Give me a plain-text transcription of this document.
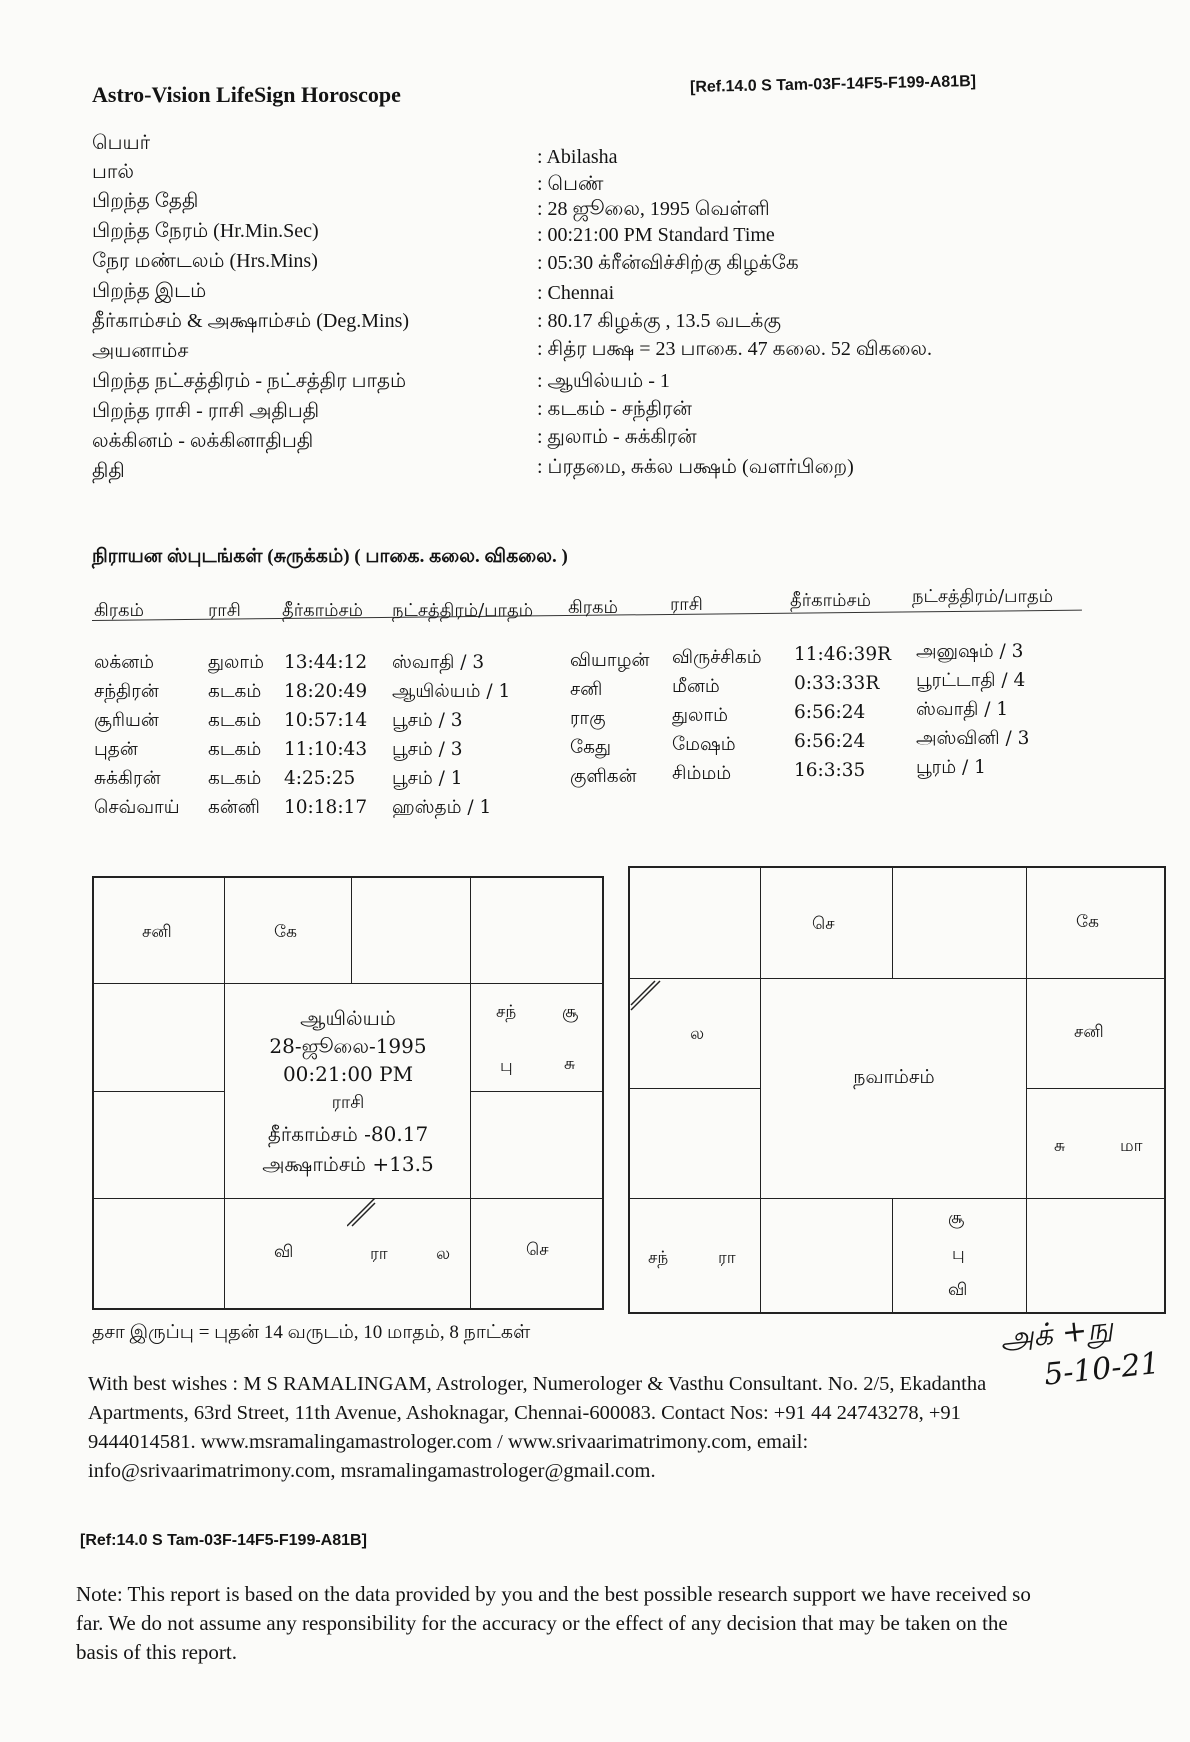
Astro-Vision LifeSign Horoscope	[Ref.14.0 S Tam-03F-14F5-F199-A81B]
பெயர்
: Abilasha
பால்
: பெண்
பிறந்த தேதி	: 28 ஜூலை, 1995 வெள்ளி
பிறந்த நேரம் (Hr.Min.Sec)	: 00:21:00 PM Standard Time
நேர மண்டலம் (Hrs.Mins)	: 05:30 க்ரீன்விச்சிற்கு கிழக்கே
பிறந்த இடம்	: Chennai
தீர்காம்சம் & அக்ஷாம்சம் (Deg.Mins)	: 80.17 கிழக்கு , 13.5 வடக்கு
அயனாம்ச	: சித்ர பக்ஷ = 23 பாகை. 47 கலை. 52 விகலை.
பிறந்த நட்சத்திரம் - நட்சத்திர பாதம்	: ஆயில்யம் - 1
பிறந்த ராசி - ராசி அதிபதி	: கடகம் - சந்திரன்
லக்கினம் - லக்கினாதிபதி	: துலாம் - சுக்கிரன்
திதி	: ப்ரதமை, சுக்ல பக்ஷம் (வளர்பிறை)
நிராயன ஸ்புடங்கள் (சுருக்கம்) ( பாகை. கலை. விகலை. )
கிரகம்	ராசி தீர்காம்சம் நட்சத்திரம்/பாதம் கிரகம்	ராசி	தீர்காம்சம் நட்சத்திரம்/பாதம்
லக்னம்	துலாம் 13:44:12 ஸ்வாதி / 3
சந்திரன்	கடகம் 18:20:49 ஆயில்யம் / 1
சூரியன்	கடகம் 10:57:14 பூசம் / 3
புதன்	கடகம் 11:10:43 பூசம் / 3
சுக்கிரன்	கடகம் 4:25:25 பூசம் / 1
செவ்வாய் கன்னி 10:18:17 ஹஸ்தம் / 1
வியாழன் விருச்சிகம் 11:46:39R அனுஷம் / 3
சனி	மீனம்	0:33:33R பூரட்டாதி / 4
ராகு	துலாம்	6:56:24	ஸ்வாதி / 1
கேது	மேஷம்	6:56:24	அஸ்வினி / 3
குளிகன் சிம்மம்	16:3:35	பூரம் / 1
சனி	கே
சந்	சூ
பு	சு
வி	ரா	ல	செ
ஆயில்யம்
28-ஜூலை-1995
00:21:00 PM
ராசி
தீர்காம்சம் -80.17
அக்ஷாம்சம் +13.5
செ	கே
ல	சனி
சு	மா
சந்	ரா
சூ
பு
வி
நவாம்சம்
தசா இருப்பு = புதன் 14 வருடம், 10 மாதம், 8 நாட்கள்	அக் +நு
5-10-21
With best wishes : M S RAMALINGAM, Astrologer, Numerologer & Vasthu Consultant. No. 2/5, Ekadantha Apartments, 63rd Street, 11th Avenue, Ashoknagar, Chennai-600083. Contact Nos: +91 44 24743278, +91 9444014581. www.msramalingamastrologer.com / www.srivaarimatrimony.com, email: info@srivaarimatrimony.com, msramalingamastrologer@gmail.com.
[Ref:14.0 S Tam-03F-14F5-F199-A81B]
Note: This report is based on the data provided by you and the best possible research support we have received so far. We do not assume any responsibility for the accuracy or the effect of any decision that may be taken on the basis of this report.
